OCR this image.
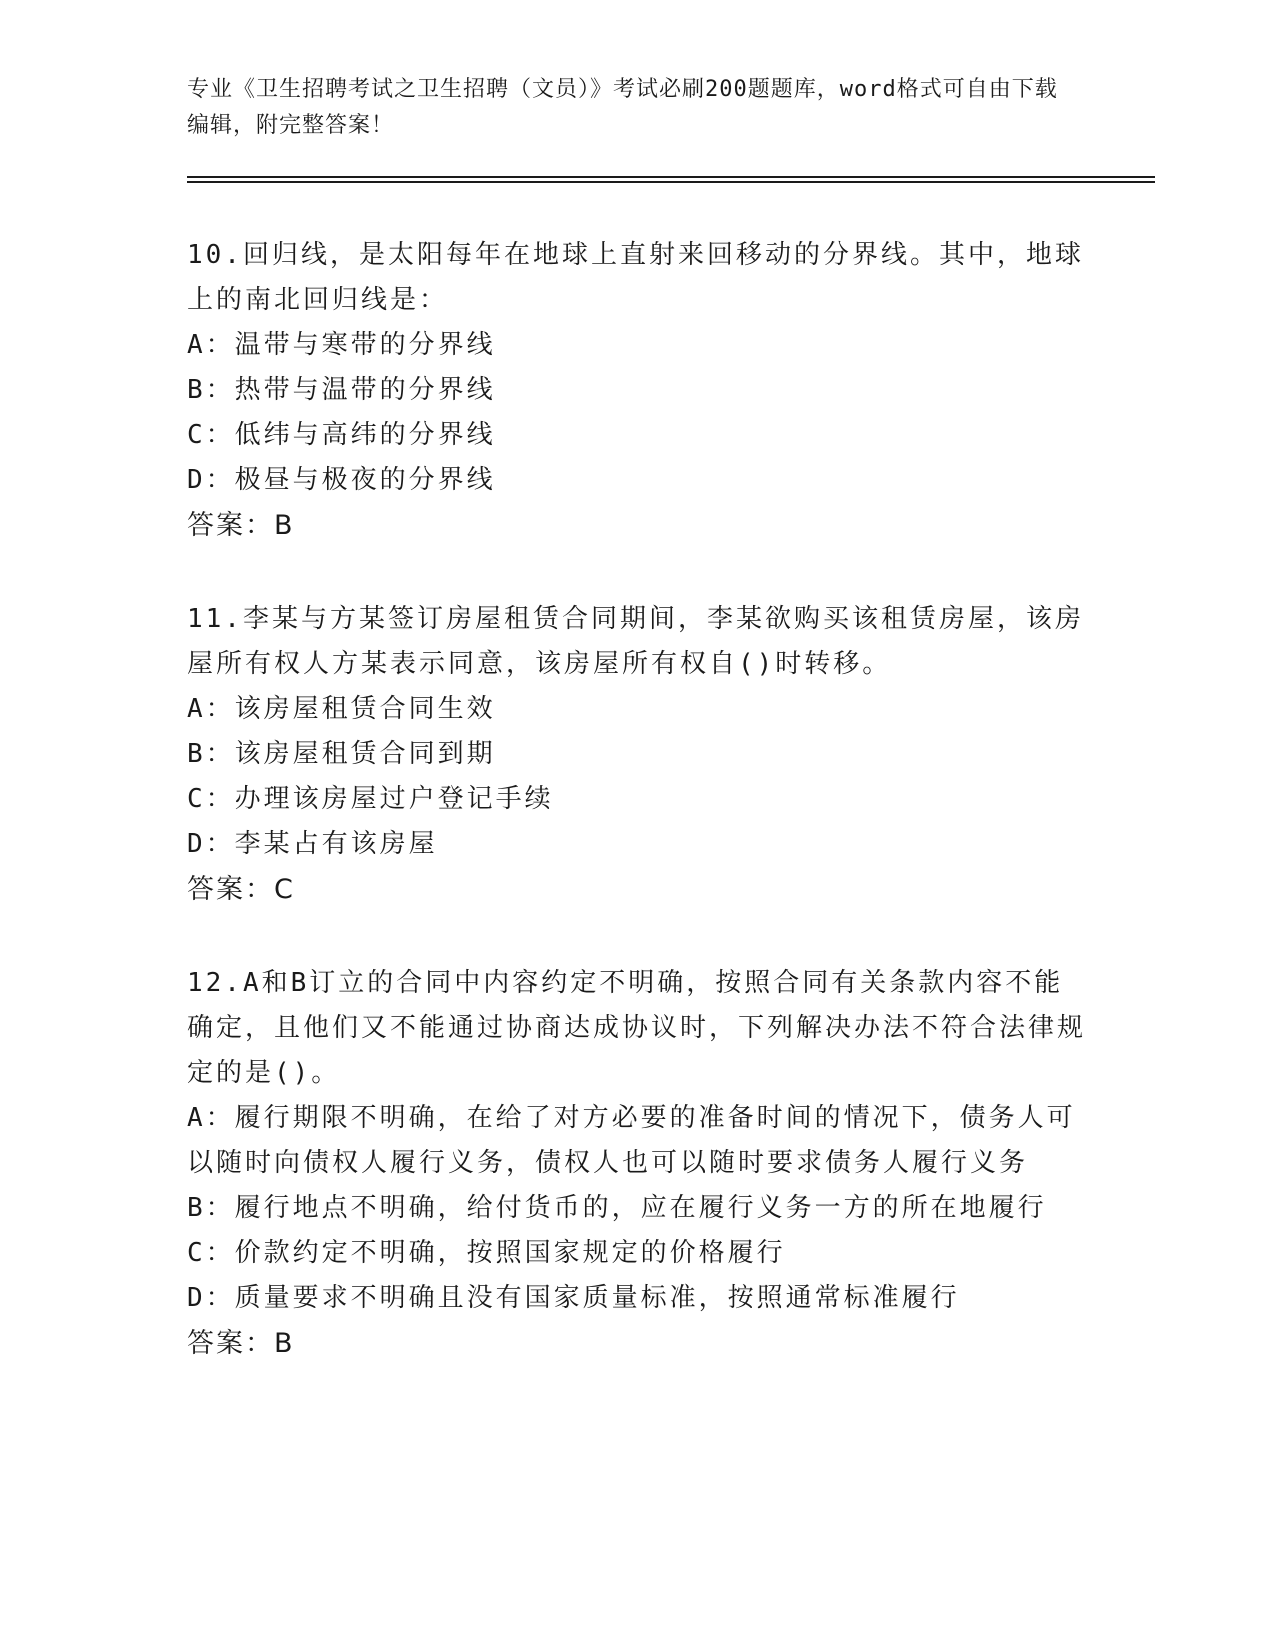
专业《卫生招聘考试之卫生招聘（文员）》考试必刷200题题库，word格式可自由下载编辑，附完整答案！

10.回归线，是太阳每年在地球上直射来回移动的分界线。其中，地球上的南北回归线是：

A：温带与寒带的分界线

B：热带与温带的分界线

C：低纬与高纬的分界线

D：极昼与极夜的分界线

答案：B

11.李某与方某签订房屋租赁合同期间，李某欲购买该租赁房屋，该房屋所有权人方某表示同意，该房屋所有权自()时转移。

A：该房屋租赁合同生效

B：该房屋租赁合同到期

C：办理该房屋过户登记手续

D：李某占有该房屋

答案：C

12.A和B订立的合同中内容约定不明确，按照合同有关条款内容不能确定，且他们又不能通过协商达成协议时，下列解决办法不符合法律规定的是()。

A：履行期限不明确，在给了对方必要的准备时间的情况下，债务人可以随时向债权人履行义务，债权人也可以随时要求债务人履行义务

B：履行地点不明确，给付货币的，应在履行义务一方的所在地履行

C：价款约定不明确，按照国家规定的价格履行

D：质量要求不明确且没有国家质量标准，按照通常标准履行

答案：B
